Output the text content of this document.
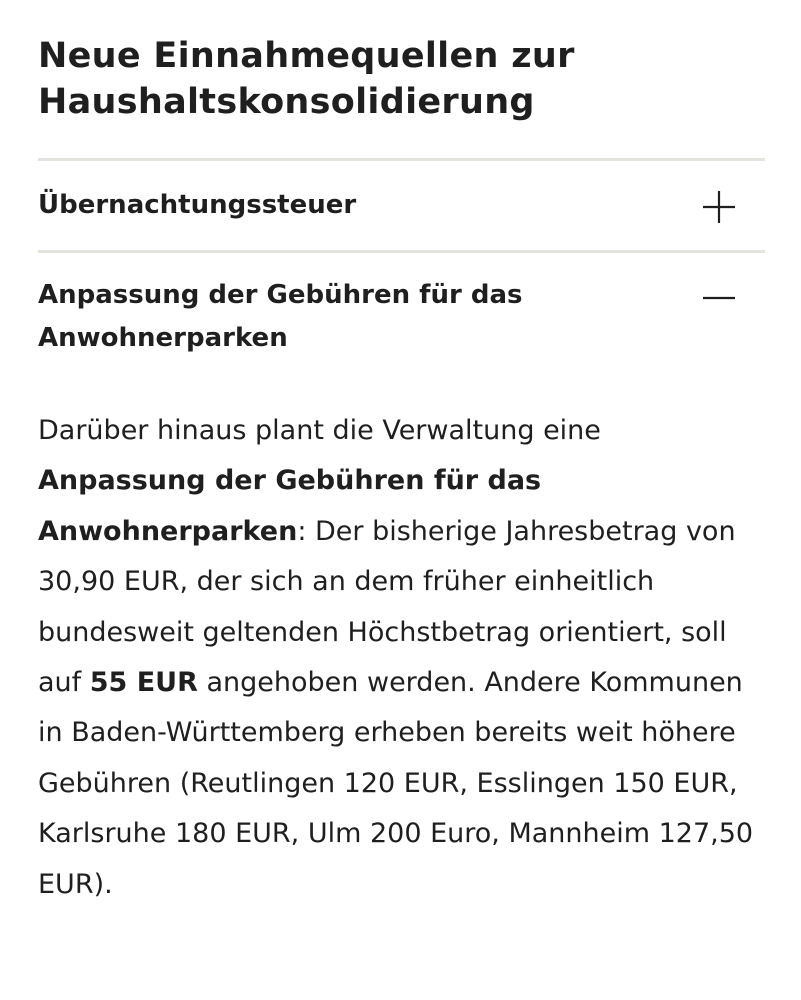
Neue Einnahmequellen zur Haushaltskonsolidierung
Übernachtungssteuer
Anpassung der Gebühren für das Anwohnerparken
Darüber hinaus plant die Verwaltung eine Anpassung der Gebühren für das Anwohnerparken: Der bisherige Jahresbetrag von 30,90 EUR, der sich an dem früher einheitlich bundesweit geltenden Höchstbetrag orientiert, soll auf 55 EUR angehoben werden. Andere Kommunen in Baden-Württemberg erheben bereits weit höhere Gebühren (Reutlingen 120 EUR, Esslingen 150 EUR, Karlsruhe 180 EUR, Ulm 200 Euro, Mannheim 127,50 EUR).
